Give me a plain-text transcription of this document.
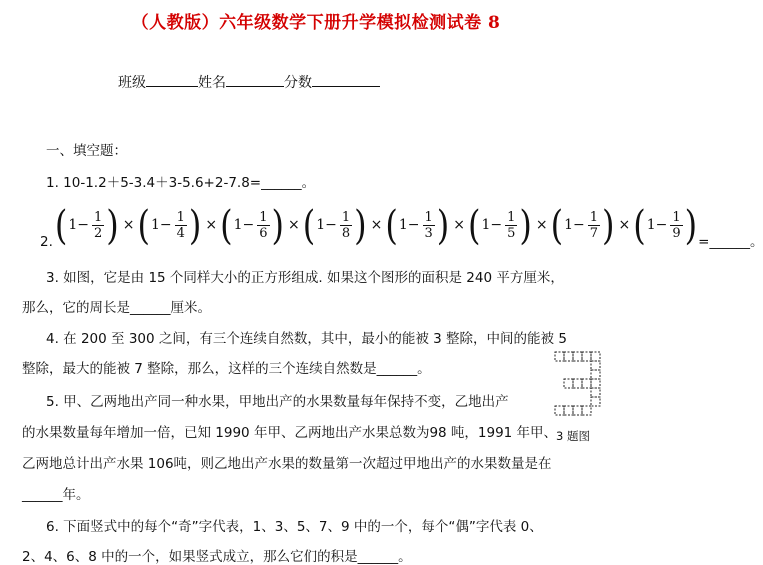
（人教版）六年级数学下册升学模拟检测试卷 8
班级	姓名	分数
一、填空题：
1. 10-1.2＋5-3.4＋3-5.6+2-7.8=______。
2. ( $1- \frac{1}{2}$ ) × ( $1- \frac{1}{4}$ ) × ( $1- \frac{1}{6}$ ) × ( $1- \frac{1}{8}$ ) × ( $1- \frac{1}{3}$ ) × ( $1- \frac{1}{5}$ ) × ( $1- \frac{1}{7}$ ) × ( $1- \frac{1}{9}$ ) =______。
3. 如图，它是由 15 个同样大小的正方形组成. 如果这个图形的面积是 240 平方厘米，
那么，它的周长是______厘米。
4. 在 200 至 300 之间，有三个连续自然数，其中，最小的能被 3 整除，中间的能被 5
整除，最大的能被 7 整除，那么，这样的三个连续自然数是______。
5. 甲、乙两地出产同一种水果，甲地出产的水果数量每年保持不变，乙地出产
的水果数量每年增加一倍，已知 1990 年甲、乙两地出产水果总数为98 吨，1991 年甲、
乙两地总计出产水果 106吨，则乙地出产水果的数量第一次超过甲地出产的水果数量是在
______年。
6. 下面竖式中的每个“奇”字代表，1、3、5、7、9 中的一个，每个“偶”字代表 0、
2、4、6、8 中的一个，如果竖式成立，那么它们的积是______。
3 题图
